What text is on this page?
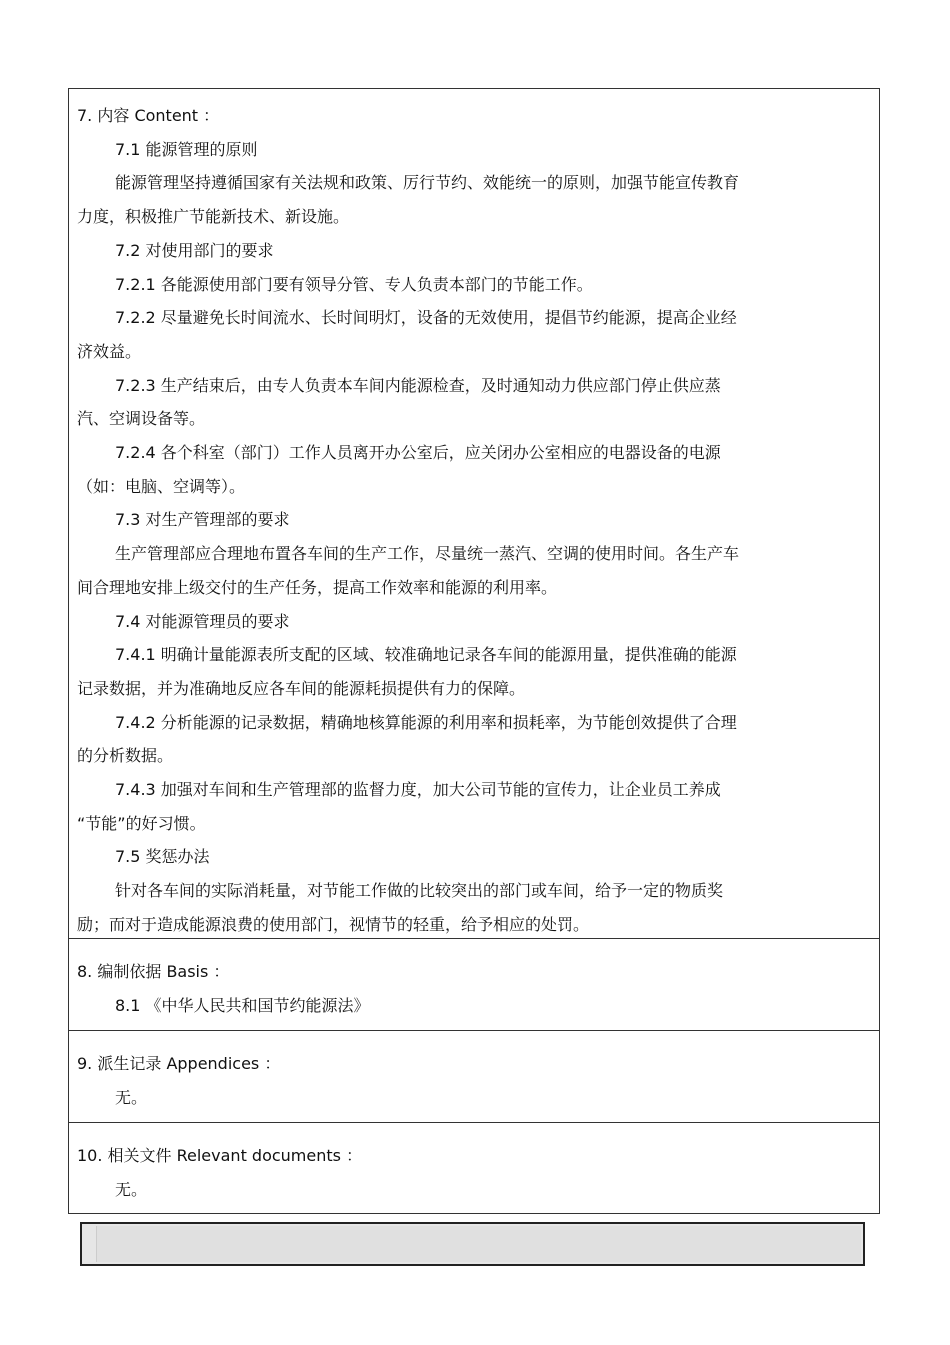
7. 内容 Content ：
7.1 能源管理的原则
能源管理坚持遵循国家有关法规和政策、厉行节约、效能统一的原则，加强节能宣传教育
力度，积极推广节能新技术、新设施。
7.2 对使用部门的要求
7.2.1 各能源使用部门要有领导分管、专人负责本部门的节能工作。
7.2.2 尽量避免长时间流水、长时间明灯，设备的无效使用，提倡节约能源，提高企业经
济效益。
7.2.3 生产结束后，由专人负责本车间内能源检查，及时通知动力供应部门停止供应蒸
汽、空调设备等。
7.2.4 各个科室（部门）工作人员离开办公室后，应关闭办公室相应的电器设备的电源
（如：电脑、空调等）。
7.3 对生产管理部的要求
生产管理部应合理地布置各车间的生产工作，尽量统一蒸汽、空调的使用时间。各生产车
间合理地安排上级交付的生产任务，提高工作效率和能源的利用率。
7.4 对能源管理员的要求
7.4.1 明确计量能源表所支配的区域、较准确地记录各车间的能源用量，提供准确的能源
记录数据，并为准确地反应各车间的能源耗损提供有力的保障。
7.4.2 分析能源的记录数据，精确地核算能源的利用率和损耗率，为节能创效提供了合理
的分析数据。
7.4.3 加强对车间和生产管理部的监督力度，加大公司节能的宣传力，让企业员工养成
“节能”的好习惯。
7.5 奖惩办法
针对各车间的实际消耗量，对节能工作做的比较突出的部门或车间，给予一定的物质奖
励；而对于造成能源浪费的使用部门，视情节的轻重，给予相应的处罚。
8. 编制依据 Basis ：
8.1 《中华人民共和国节约能源法》
9. 派生记录 Appendices ：
无。
10. 相关文件 Relevant documents ：
无。
